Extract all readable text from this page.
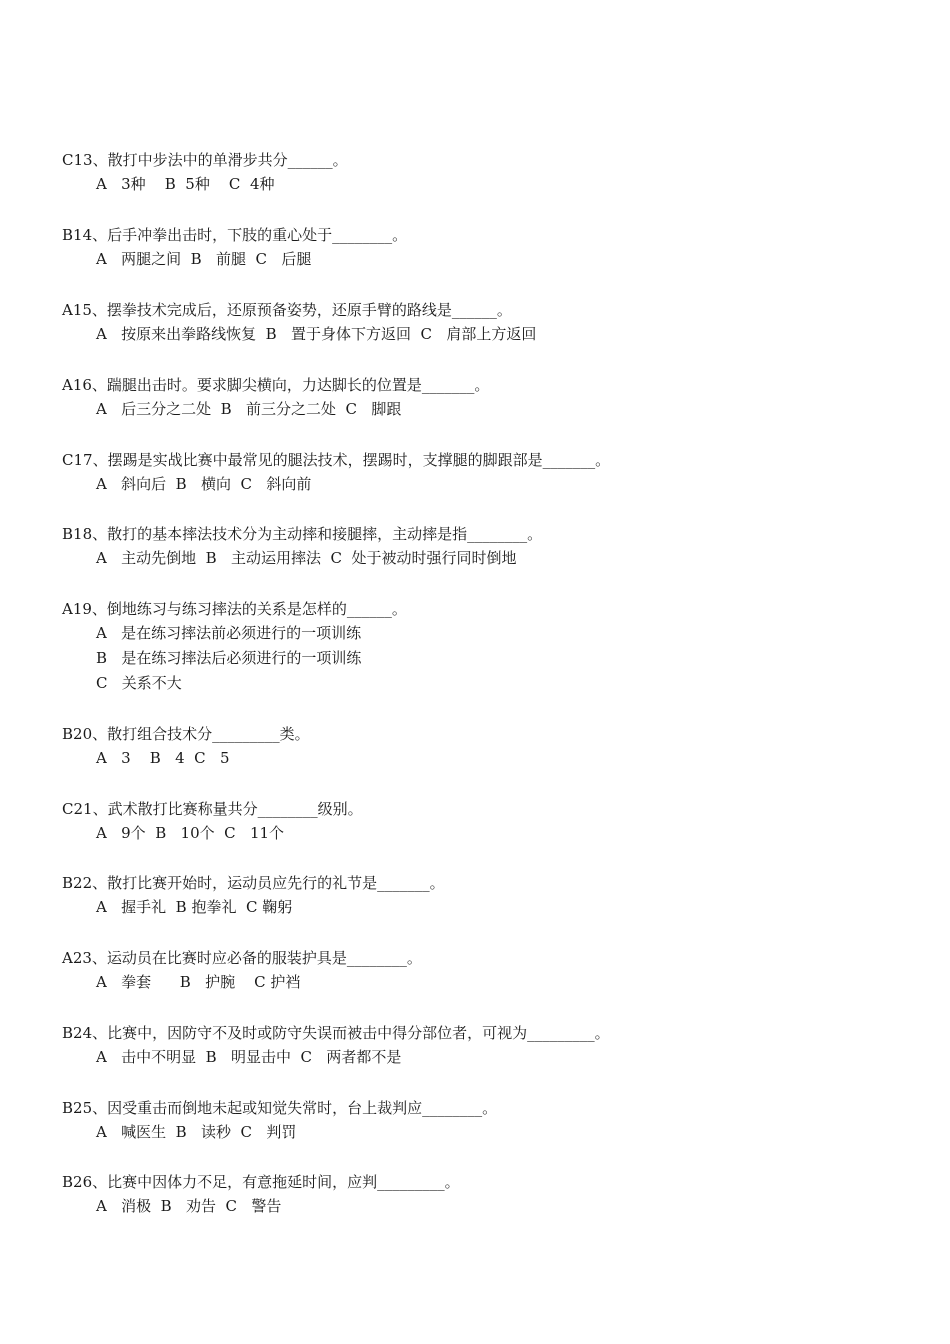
C13、散打中步法中的单滑步共分______。
A   3种    B  5种    C  4种
B14、后手冲拳出击时，下肢的重心处于________。
A   两腿之间  B   前腿  C   后腿
A15、摆拳技术完成后，还原预备姿势，还原手臂的路线是______。
A   按原来出拳路线恢复  B   置于身体下方返回  C   肩部上方返回
A16、踹腿出击时。要求脚尖横向，力达脚长的位置是_______。
A   后三分之二处  B   前三分之二处  C   脚跟
C17、摆踢是实战比赛中最常见的腿法技术，摆踢时，支撑腿的脚跟部是_______。
A   斜向后  B   横向  C   斜向前
B18、散打的基本摔法技术分为主动摔和接腿摔，主动摔是指________。
A   主动先倒地  B   主动运用摔法  C  处于被动时强行同时倒地
A19、倒地练习与练习摔法的关系是怎样的______。
A   是在练习摔法前必须进行的一项训练
B   是在练习摔法后必须进行的一项训练
C   关系不大
B20、散打组合技术分_________类。
A   3    B   4  C   5
C21、武术散打比赛称量共分________级别。
A   9个  B   10个  C   11个
B22、散打比赛开始时，运动员应先行的礼节是_______。
A   握手礼  B 抱拳礼  C 鞠躬
A23、运动员在比赛时应必备的服装护具是________。
A   拳套      B   护腕    C 护裆
B24、比赛中，因防守不及时或防守失误而被击中得分部位者，可视为_________。
A   击中不明显  B   明显击中  C   两者都不是
B25、因受重击而倒地未起或知觉失常时，台上裁判应________。
A   喊医生  B   读秒  C   判罚
B26、比赛中因体力不足，有意拖延时间，应判_________。
A   消极  B   劝告  C   警告
